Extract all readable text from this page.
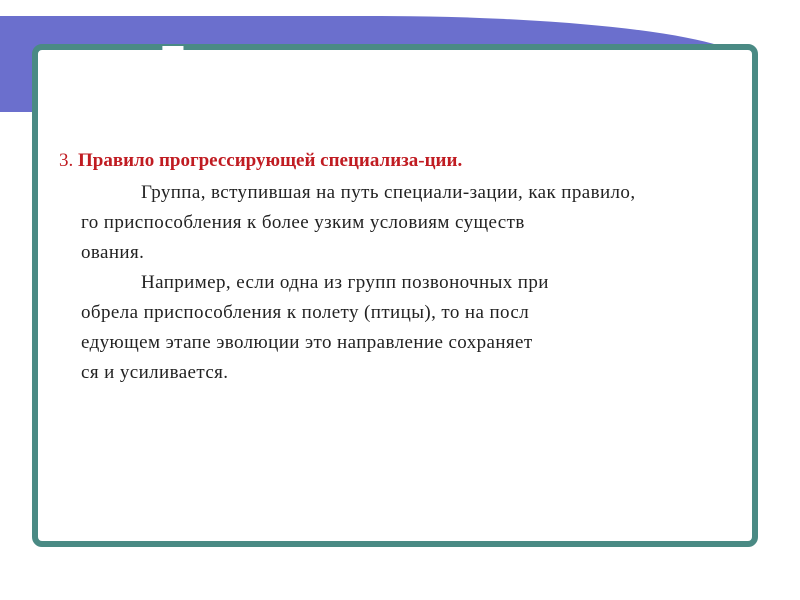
Правила эволюции:

3. Правило прогрессирующей специализа-ции.

Группа, вступившая на путь специали-зации, как правило,
го приспособления к более узким условиям существ
ования.
Например, если одна из групп позвоночных при
обрела приспособления к полету (птицы), то на посл
едующем этапе эволюции это направление сохраняет
ся и усиливается.
